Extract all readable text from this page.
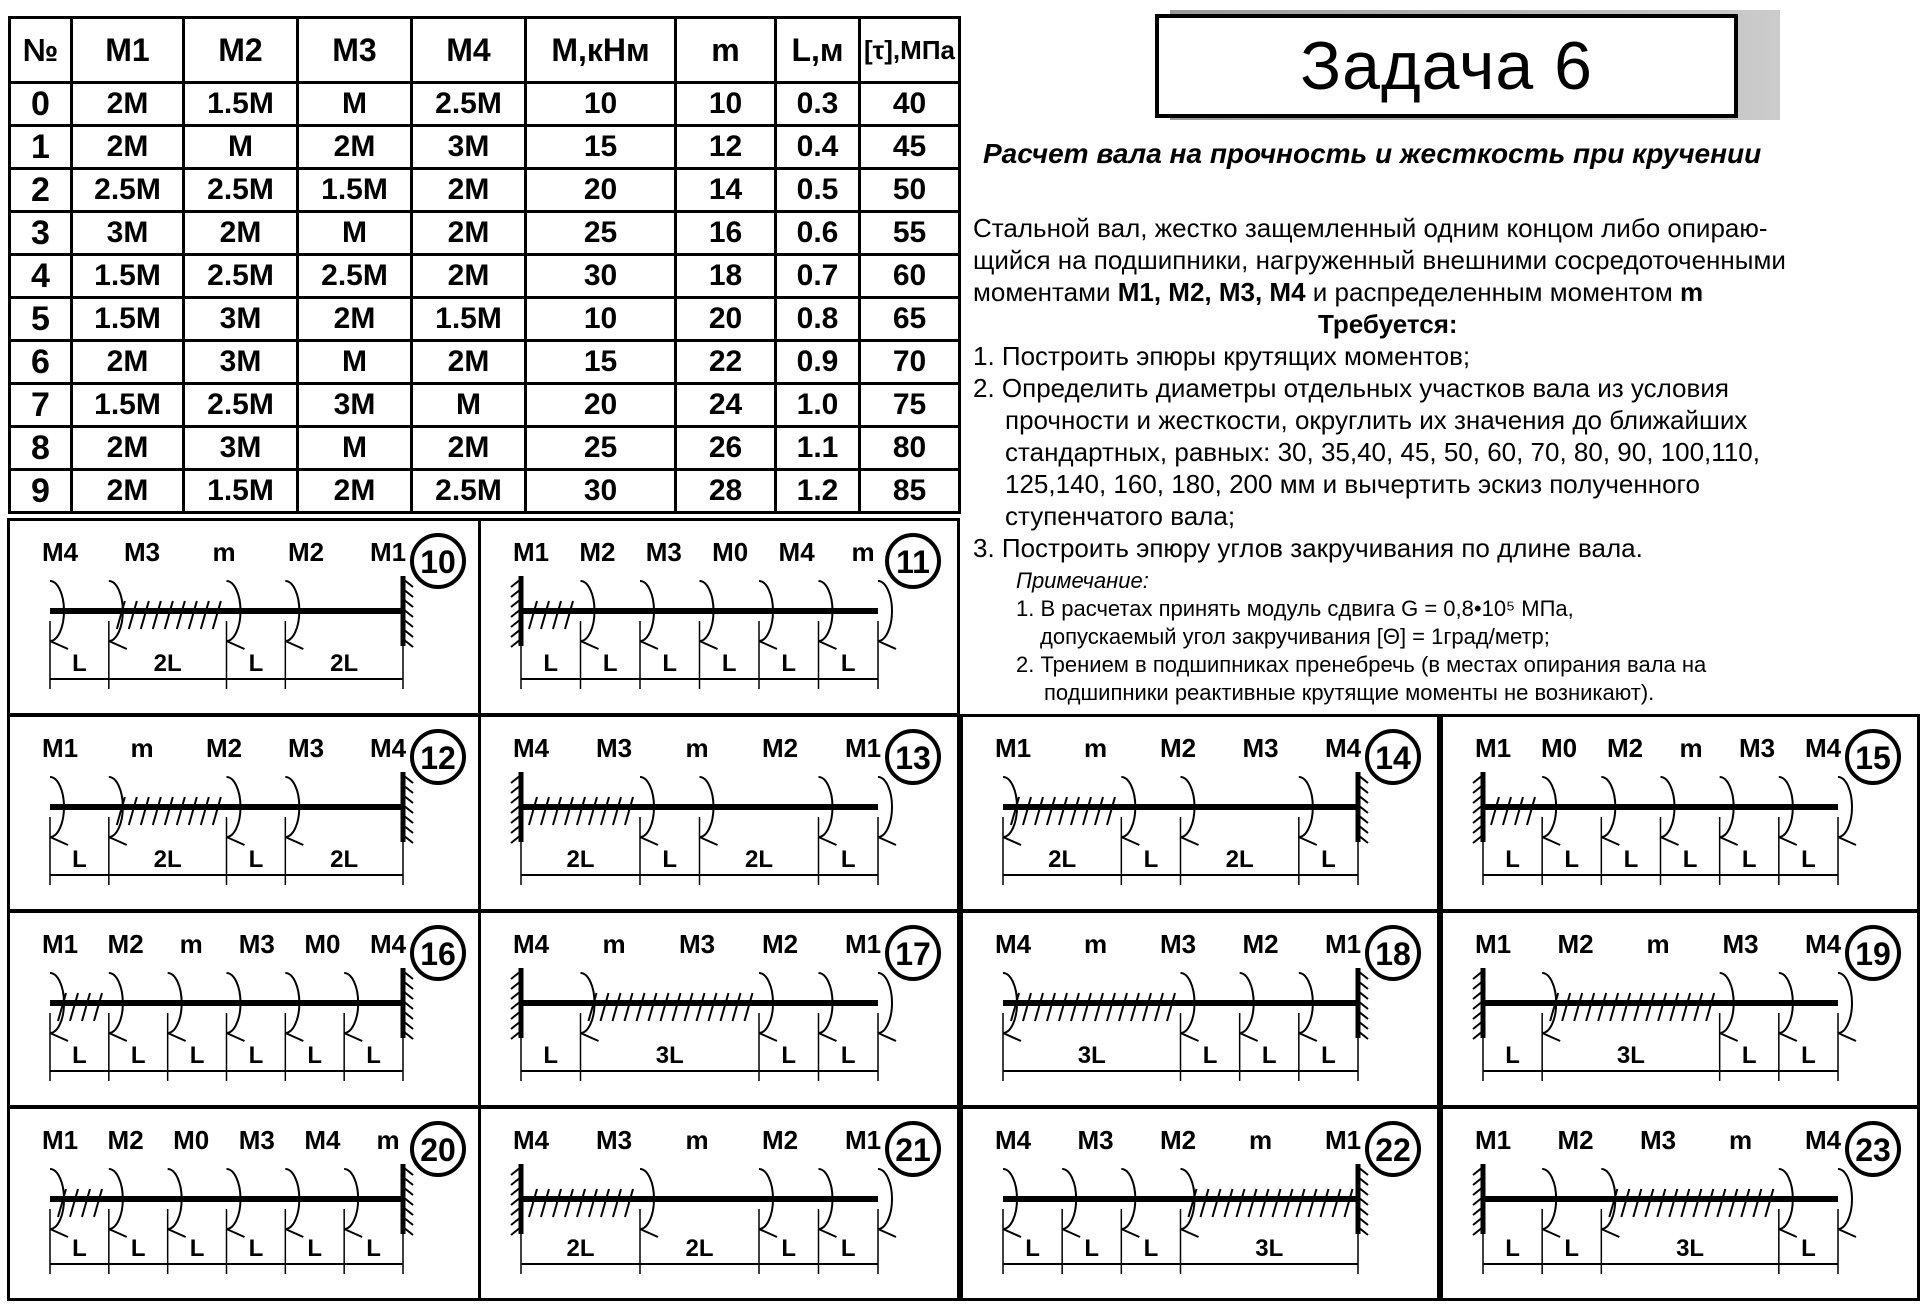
№	M1	M2	M3	M4	М,кНм	m	L,м	[τ],МПа
0	2M	1.5M	M	2.5M	10	10	0.3	40
1	2M	M	2M	3M	15	12	0.4	45
2	2.5M	2.5M	1.5M	2M	20	14	0.5	50
3	3M	2M	M	2M	25	16	0.6	55
4	1.5M	2.5M	2.5M	2M	30	18	0.7	60
5	1.5M	3M	2M	1.5M	10	20	0.8	65
6	2M	3M	M	2M	15	22	0.9	70
7	1.5M	2.5M	3M	M	20	24	1.0	75
8	2M	3M	M	2M	25	26	1.1	80
9	2M	1.5M	2M	2.5M	30	28	1.2	85
Задача 6
Расчет вала на прочность и жесткость при кручении

Стальной вал, жестко защемленный одним концом либо опираю-

щийся на подшипники, нагруженный внешними сосредоточенными

моментами M1, M2, M3, M4 и распределенным моментом m

Требуется:

1. Построить эпюры крутящих моментов;

2. Определить диаметры отдельных участков вала из условия

прочности и жесткости, округлить их значения до ближайших

стандартных, равных: 30, 35,40, 45, 50, 60, 70, 80, 90, 100,110,

125,140, 160, 180, 200 мм и вычертить эскиз полученного

ступенчатого вала;

3. Построить эпюру углов закручивания по длине вала.

Примечание:

1. В расчетах принять модуль сдвига G = 0,8•10⁵ МПа,

допускаемый угол закручивания [Θ] = 1град/метр;

2. Трением в подшипниках пренебречь (в местах опирания вала на

подшипники реактивные крутящие моменты не возникают).

10
M4 M3 m M2 M1
L	2L	L	2L
11
M1 M2 M3 M0 M4 m
L L L L L L
12
M1 m M2 M3 M4
L	2L	L	2L
13
M4 M3 m M2 M1
2L	L	2L	L
14
M1 m M2 M3 M4
2L	L	2L	L
15
M1 M0 M2 m M3 M4
L L L L L L
16
M1 M2 m M3 M0 M4
L L L L L L
17
M4 m M3 M2 M1
L	3L	L L
18
M4 m M3 M2 M1
3L	L L L
19
M1 M2 m M3 M4
L	3L	L L
20
M1 M2 M0 M3 M4 m
L L L L L L
21
M4 M3 m M2 M1
2L	2L	L L
22
M4 M3 M2 m M1
L L L	3L
23
M1 M2 M3 m M4
L L	3L	L
